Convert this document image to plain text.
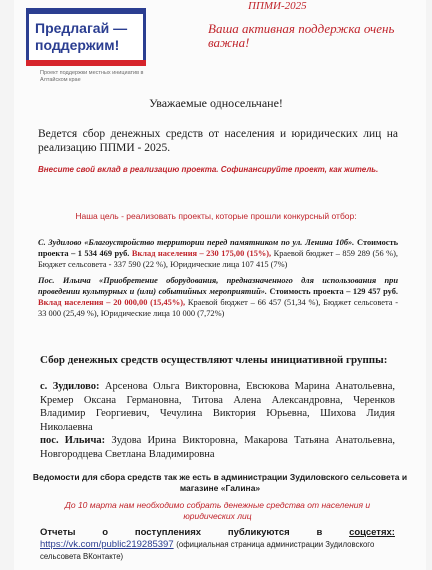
Предлагай —
поддержим!
Проект поддержки местных инициатив в Алтайском крае
ППМИ-2025
Ваша активная поддержка очень важна!
Уважаемые односельчане!
Ведется сбор денежных средств от населения и юридических лиц на реализацию ППМИ - 2025.
Внесите свой вклад в реализацию проекта. Софинансируйте проект, как житель.
Наша цель - реализовать проекты, которые прошли конкурсный отбор:
С. Зудилово «Благоустройство территории перед памятником по ул. Ленина 10б». Стоимость проекта – 1 534 469 руб. Вклад населения – 230 175,00 (15%), Краевой бюджет – 859 289 (56 %), Бюджет сельсовета - 337 590 (22 %), Юридические лица 107 415 (7%)
Пос. Ильича «Приобретение оборудования, предназначенного для использования при проведении культурных и (или) событийных мероприятий». Стоимость проекта – 129 457 руб. Вклад населения – 20 000,00 (15,45%), Краевой бюджет – 66 457 (51,34 %), Бюджет сельсовета - 33 000 (25,49 %), Юридические лица 10 000 (7,72%)
Сбор денежных средств осуществляют члены инициативной группы:
с. Зудилово: Арсенова Ольга Викторовна, Евсюкова Марина Анатольевна, Кремер Оксана Германовна, Титова Алена Александровна, Черенков Владимир Георгиевич, Чечулина Виктория Юрьевна, Шихова Лидия Николаевна
пос. Ильича: Зудова Ирина Викторовна, Макарова Татьяна Анатольевна, Новгородцева Светлана Владимировна
Ведомости для сбора средств так же есть в администрации Зудиловского сельсовета и магазине «Галина»
До 10 марта нам необходимо собрать денежные средства от населения и юридических лиц
Отчеты	о	поступлениях	публикуются	в	соцсетях:
https://vk.com/public219285397 (официальная страница администрации Зудиловского сельсовета ВКонтакте)
